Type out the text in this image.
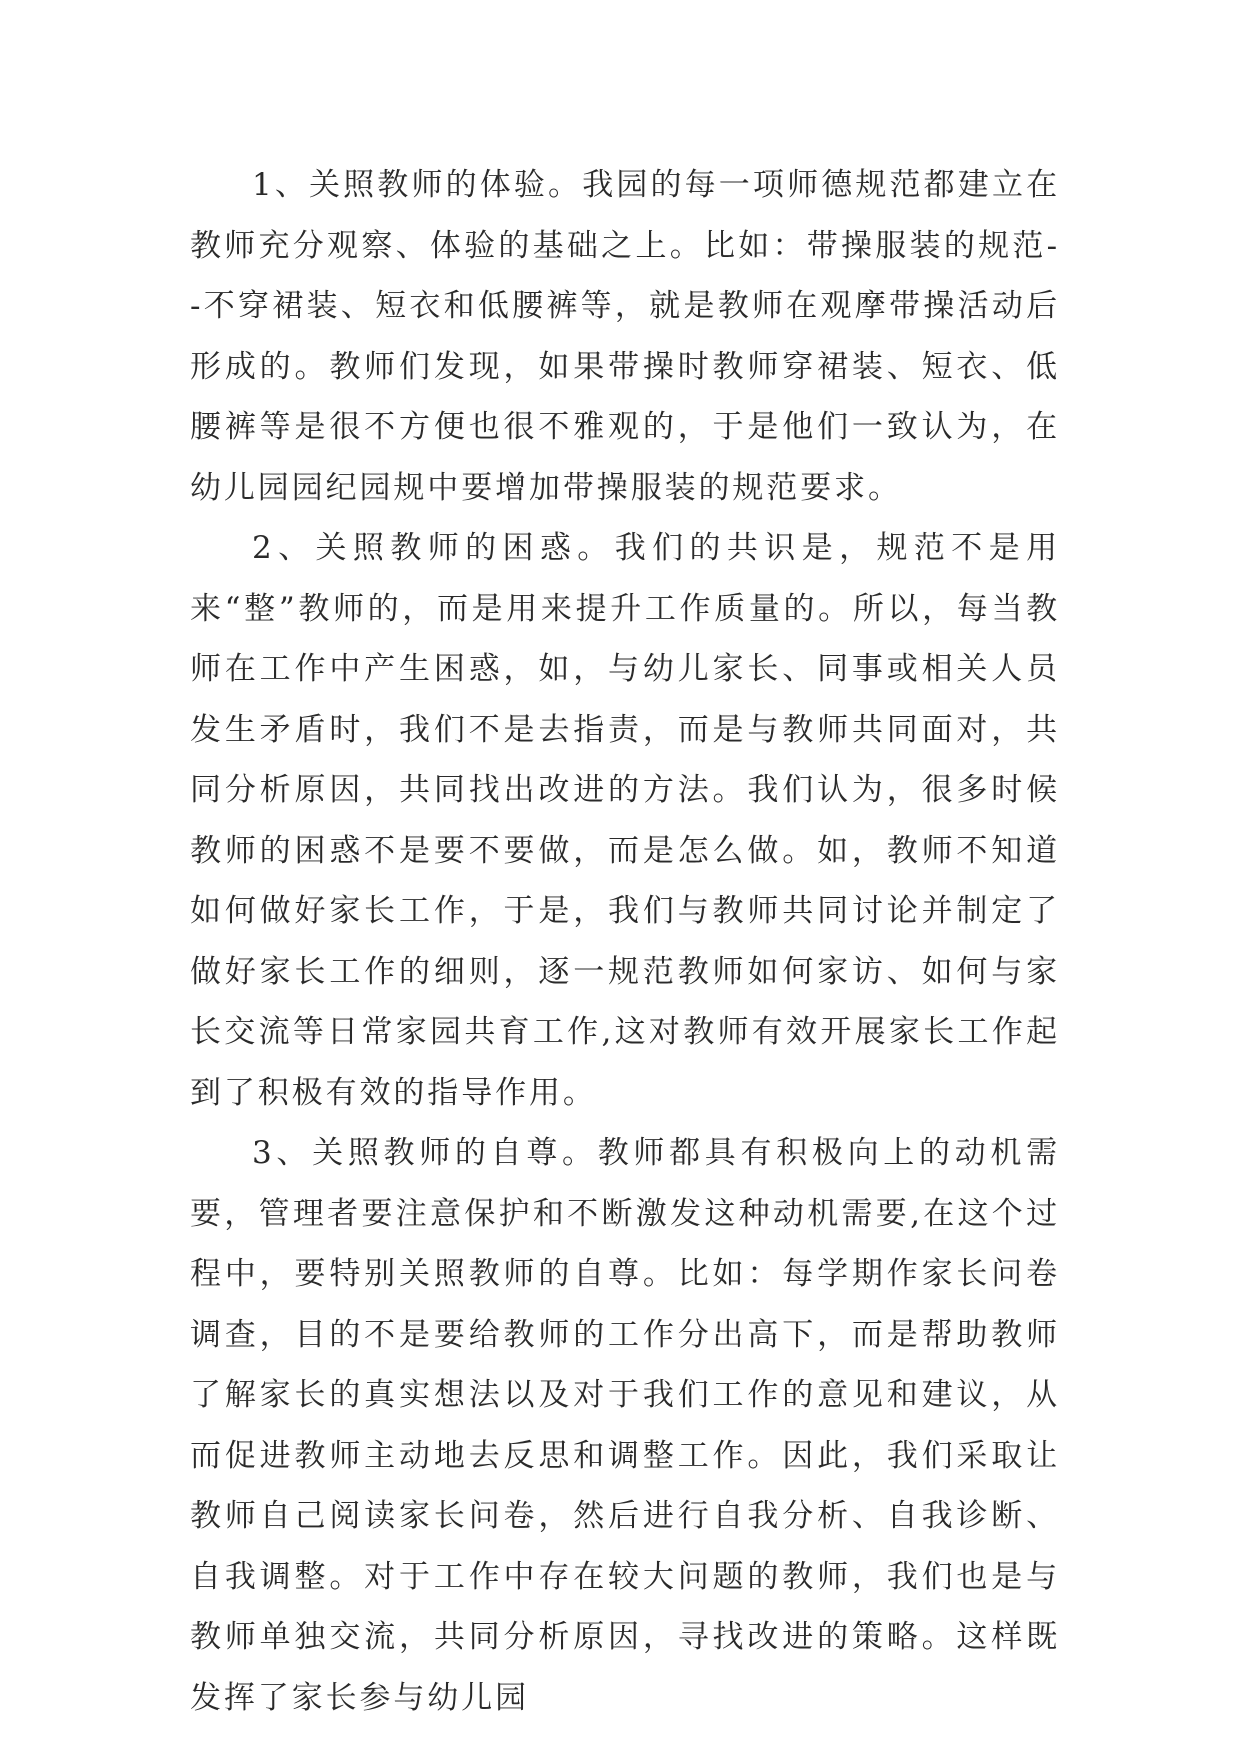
1、关照教师的体验。我园的每一项师德规范都建立在教师充分观察、体验的基础之上。比如：带操服装的规范--不穿裙装、短衣和低腰裤等，就是教师在观摩带操活动后形成的。教师们发现，如果带操时教师穿裙装、短衣、低腰裤等是很不方便也很不雅观的，于是他们一致认为，在幼儿园园纪园规中要增加带操服装的规范要求。

2、关照教师的困惑。我们的共识是，规范不是用来“整”教师的，而是用来提升工作质量的。所以，每当教师在工作中产生困惑，如，与幼儿家长、同事或相关人员发生矛盾时，我们不是去指责，而是与教师共同面对，共同分析原因，共同找出改进的方法。我们认为，很多时候教师的困惑不是要不要做，而是怎么做。如，教师不知道如何做好家长工作，于是，我们与教师共同讨论并制定了做好家长工作的细则，逐一规范教师如何家访、如何与家长交流等日常家园共育工作,这对教师有效开展家长工作起到了积极有效的指导作用。

3、关照教师的自尊。教师都具有积极向上的动机需要，管理者要注意保护和不断激发这种动机需要,在这个过程中，要特别关照教师的自尊。比如：每学期作家长问卷调查，目的不是要给教师的工作分出高下，而是帮助教师了解家长的真实想法以及对于我们工作的意见和建议，从而促进教师主动地去反思和调整工作。因此，我们采取让教师自己阅读家长问卷，然后进行自我分析、自我诊断、自我调整。对于工作中存在较大问题的教师，我们也是与教师单独交流，共同分析原因，寻找改进的策略。这样既发挥了家长参与幼儿园
